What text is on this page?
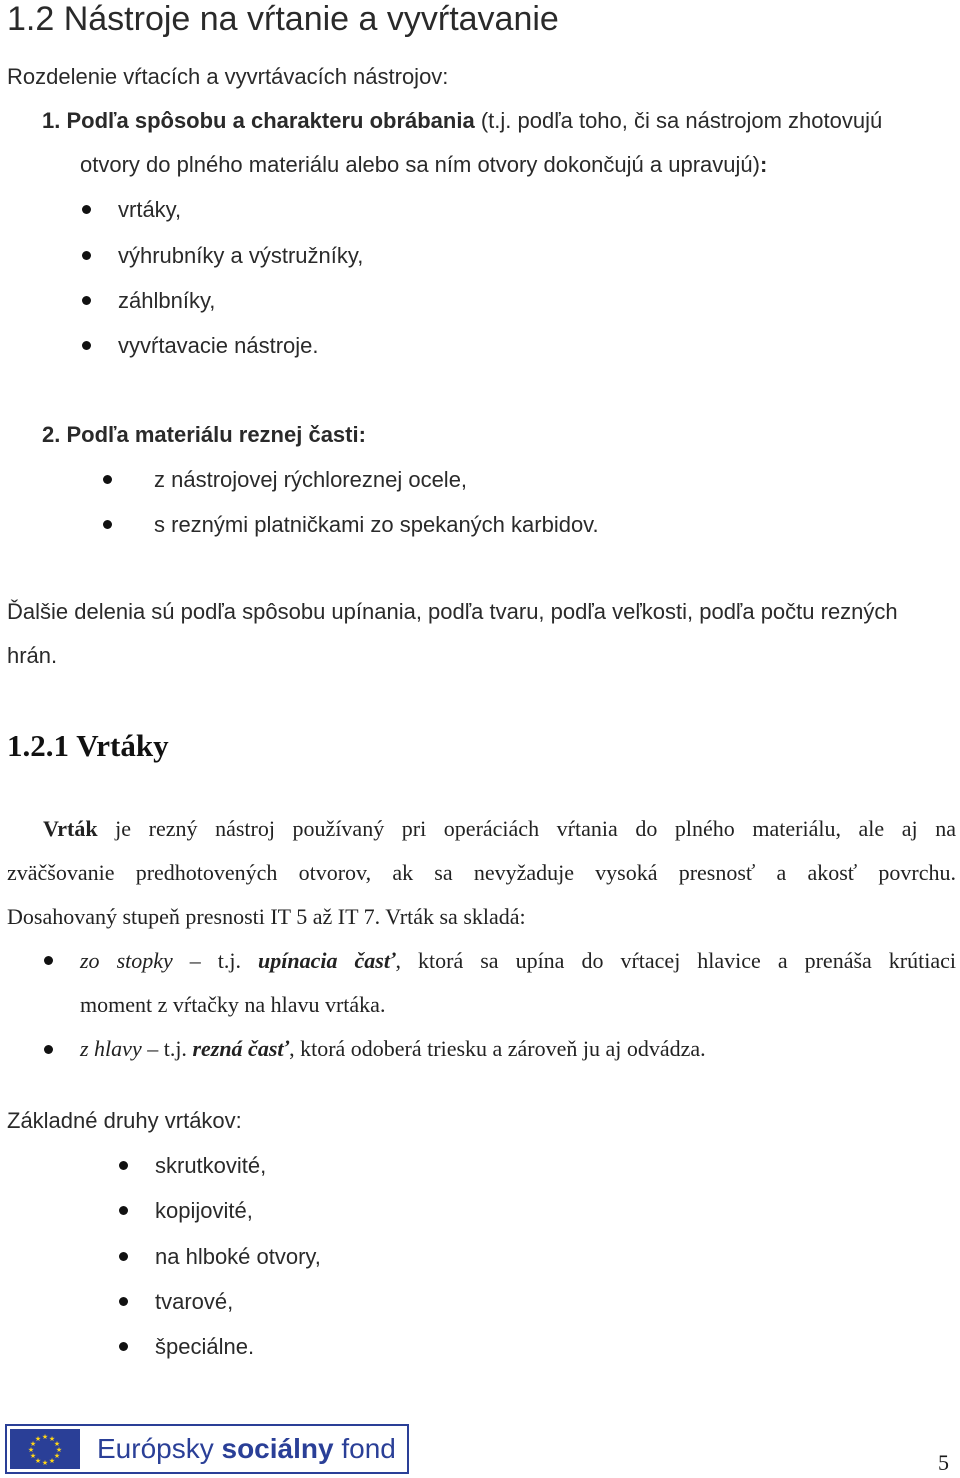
1.2 Nástroje na vŕtanie a vyvŕtavanie
Rozdelenie vŕtacích a vyvrtávacích nástrojov:
1. Podľa spôsobu a charakteru obrábania (t.j. podľa toho, či sa nástrojom zhotovujú
otvory do plného materiálu alebo sa ním otvory dokončujú a upravujú):
vrtáky,
výhrubníky a výstružníky,
záhlbníky,
vyvŕtavacie nástroje.
2. Podľa materiálu reznej časti:
z nástrojovej rýchloreznej ocele,
s reznými platničkami zo spekaných karbidov.
Ďalšie delenia sú podľa spôsobu upínania, podľa tvaru, podľa veľkosti, podľa počtu rezných
hrán.
1.2.1 Vrtáky
Vrták je rezný nástroj používaný pri operáciách vŕtania do plného materiálu, ale aj na
zväčšovanie predhotovených otvorov, ak sa nevyžaduje vysoká presnosť a akosť povrchu.
Dosahovaný stupeň presnosti IT 5 až IT 7. Vrták sa skladá:
zo stopky – t.j. upínacia časť, ktorá sa upína do vŕtacej hlavice a prenáša krútiaci
moment z vŕtačky na hlavu vrtáka.
z hlavy – t.j. rezná časť, ktorá odoberá triesku a zároveň ju aj odvádza.
Základné druhy vrtákov:
skrutkovité,
kopijovité,
na hlboké otvory,
tvarové,
špeciálne.
★ ★
★
★
★
★
★
★
★
★
★
★ Európsky sociálny fond	5
